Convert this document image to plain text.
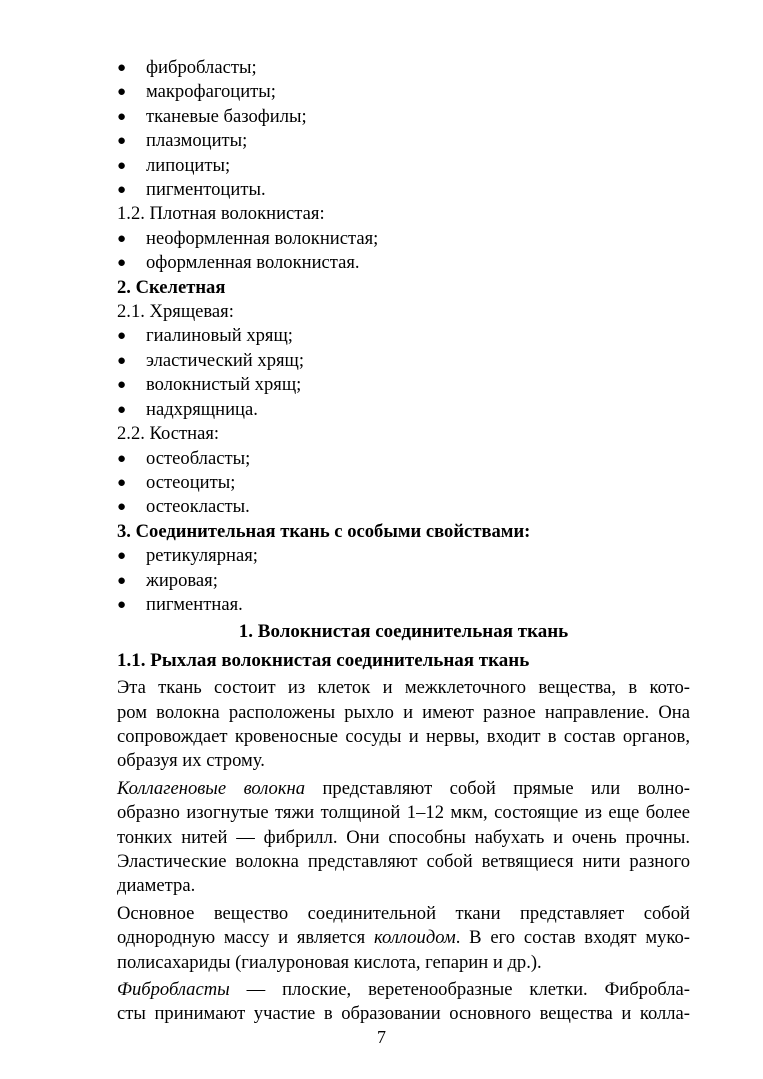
● фибробласты;
● макрофагоциты;
● тканевые базофилы;
● плазмоциты;
● липоциты;
● пигментоциты.
1.2. Плотная волокнистая:
● неоформленная волокнистая;
● оформленная волокнистая.
2. Скелетная
2.1. Хрящевая:
● гиалиновый хрящ;
● эластический хрящ;
● волокнистый хрящ;
● надхрящница.
2.2. Костная:
● остеобласты;
● остеоциты;
● остеокласты.
3. Соединительная ткань с особыми свойствами:
● ретикулярная;
● жировая;
● пигментная.
1. Волокнистая соединительная ткань
1.1. Рыхлая волокнистая соединительная ткань
Эта ткань состоит из клеток и межклеточного вещества, в кото-
ром волокна расположены рыхло и имеют разное направление. Она
сопровождает кровеносные сосуды и нервы, входит в состав органов,
образуя их строму.
Коллагеновые волокна представляют собой прямые или волно-
образно изогнутые тяжи толщиной 1–12 мкм, состоящие из еще более
тонких нитей — фибрилл. Они способны набухать и очень прочны.
Эластические волокна представляют собой ветвящиеся нити разного
диаметра.
Основное вещество соединительной ткани представляет собой
однородную массу и является коллоидом. В его состав входят муко-
полисахариды (гиалуроновая кислота, гепарин и др.).
Фибробласты — плоские, веретенообразные клетки. Фибробла-
сты принимают участие в образовании основного вещества и колла-
7
